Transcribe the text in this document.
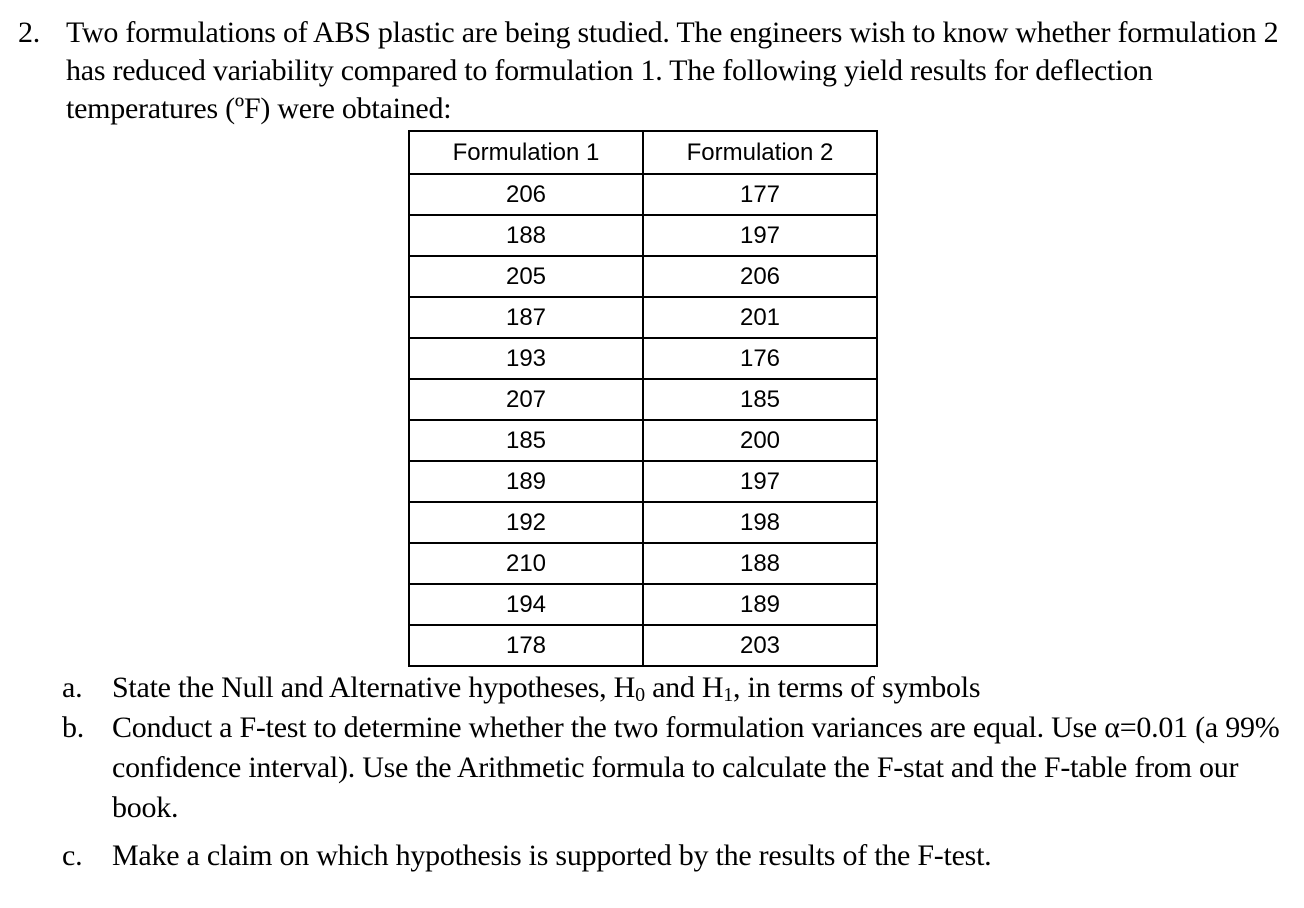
2. Two formulations of ABS plastic are being studied. The engineers wish to know whether formulation 2 has reduced variability compared to formulation 1. The following yield results for deflection temperatures (ºF) were obtained:
Formulation 1	Formulation 2
206	177
188	197
205	206
187	201
193	176
207	185
185	200
189	197
192	198
210	188
194	189
178	203
a. State the Null and Alternative hypotheses, $H_0$ and $H_1$, in terms of symbols
b. Conduct a F-test to determine whether the two formulation variances are equal. Use α=0.01 (a 99% confidence interval). Use the Arithmetic formula to calculate the F-stat and the F-table from our book.
c. Make a claim on which hypothesis is supported by the results of the F-test.
